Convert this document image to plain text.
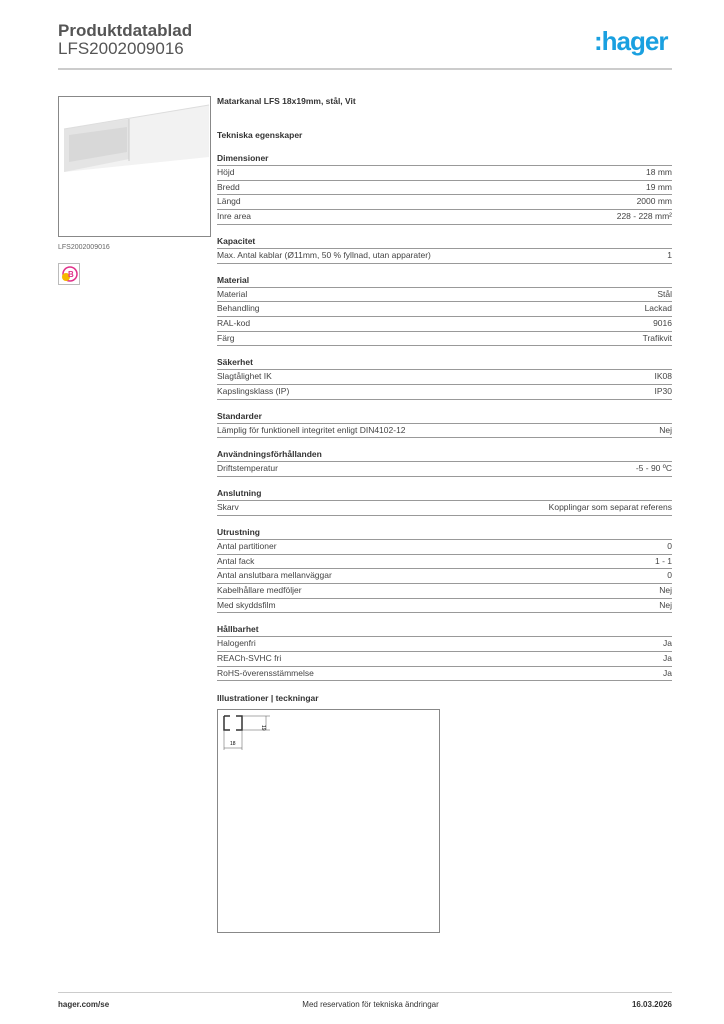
Produktdatablad
LFS2002009016	:hager
LFS2002009016
B
Matarkanal LFS 18x19mm, stål, Vit
Tekniska egenskaper
Dimensioner
Höjd	18 mm
Bredd	19 mm
Längd	2000 mm
Inre area	228 - 228 mm²
Kapacitet
Max. Antal kablar (Ø11mm, 50 % fyllnad, utan apparater)	1
Material
Material	Stål
Behandling	Lackad
RAL-kod	9016
Färg	Trafikvit
Säkerhet
Slagtålighet IK	IK08
Kapslingsklass (IP)	IP30
Standarder
Lämplig för funktionell integritet enligt DIN4102-12	Nej
Användningsförhållanden
Driftstemperatur	-5 - 90 ºC
Anslutning
Skarv	Kopplingar som separat referens
Utrustning
Antal partitioner	0
Antal fack	1 - 1
Antal anslutbara mellanväggar	0
Kabelhållare medföljer	Nej
Med skyddsfilm	Nej
Hållbarhet
Halogenfri	Ja
REACh-SVHC fri	Ja
RoHS-överensstämmelse	Ja
Illustrationer | teckningar
18
19
hager.com/se	Med reservation för tekniska ändringar	16.03.2026
